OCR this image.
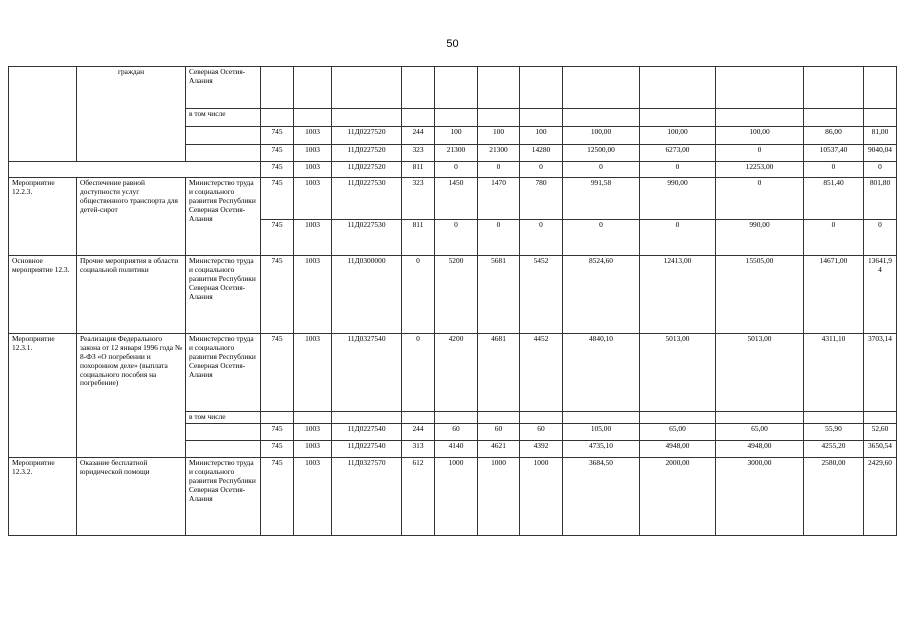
50
	граждан	Северная Осетия-Алания													
		в том числе													
			745	1003	11Д0227520	244	100	100	100	100,00	100,00	100,00	86,00	81,00	
			745	1003	11Д0227520	323	21300	21300	14280	12500,00	6273,00	0	10537,40	9040,04	
			745	1003	11Д0227520	811	0	0	0	0	0	12253,00	0	0	
Мероприятие 12.2.3.	Обеспечение равной доступности услуг общественного транспорта для детей-сирот	Министерство труда и социального развития Республики Северная Осетия-Алания	745	1003	11Д0227530	323	1450	1470	780	991,58	990,00	0	851,40	801,80	
			745	1003	11Д0227530	811	0	0	0	0	0	990,00	0	0	
Основное мероприятие 12.3.	Прочие мероприятия в области социальной политики	Министерство труда и социального развития Республики Северная Осетия-Алания	745	1003	11Д0300000	0	5200	5681	5452	8524,60	12413,00	15505,00	14671,00	13641,94	
Мероприятие 12.3.1.	Реализация Федерального закона от 12 января 1996 года № 8-ФЗ «О погребении и похоронном деле» (выплата социального пособия на погребение)	Министерство труда и социального развития Республики Северная Осетия-Алания	745	1003	11Д0327540	0	4200	4681	4452	4840,10	5013,00	5013,00	4311,10	3703,14	
		в том числе													
			745	1003	11Д0227540	244	60	60	60	105,00	65,00	65,00	55,90	52,60	
			745	1003	11Д0227540	313	4140	4621	4392	4735,10	4948,00	4948,00	4255,20	3650,54	
Мероприятие 12.3.2.	Оказание бесплатной юридической помощи	Министерство труда и социального развития Республики Северная Осетия-Алания	745	1003	11Д0327570	612	1000	1000	1000	3684,50	2000,00	3000,00	2580,00	2429,60	
